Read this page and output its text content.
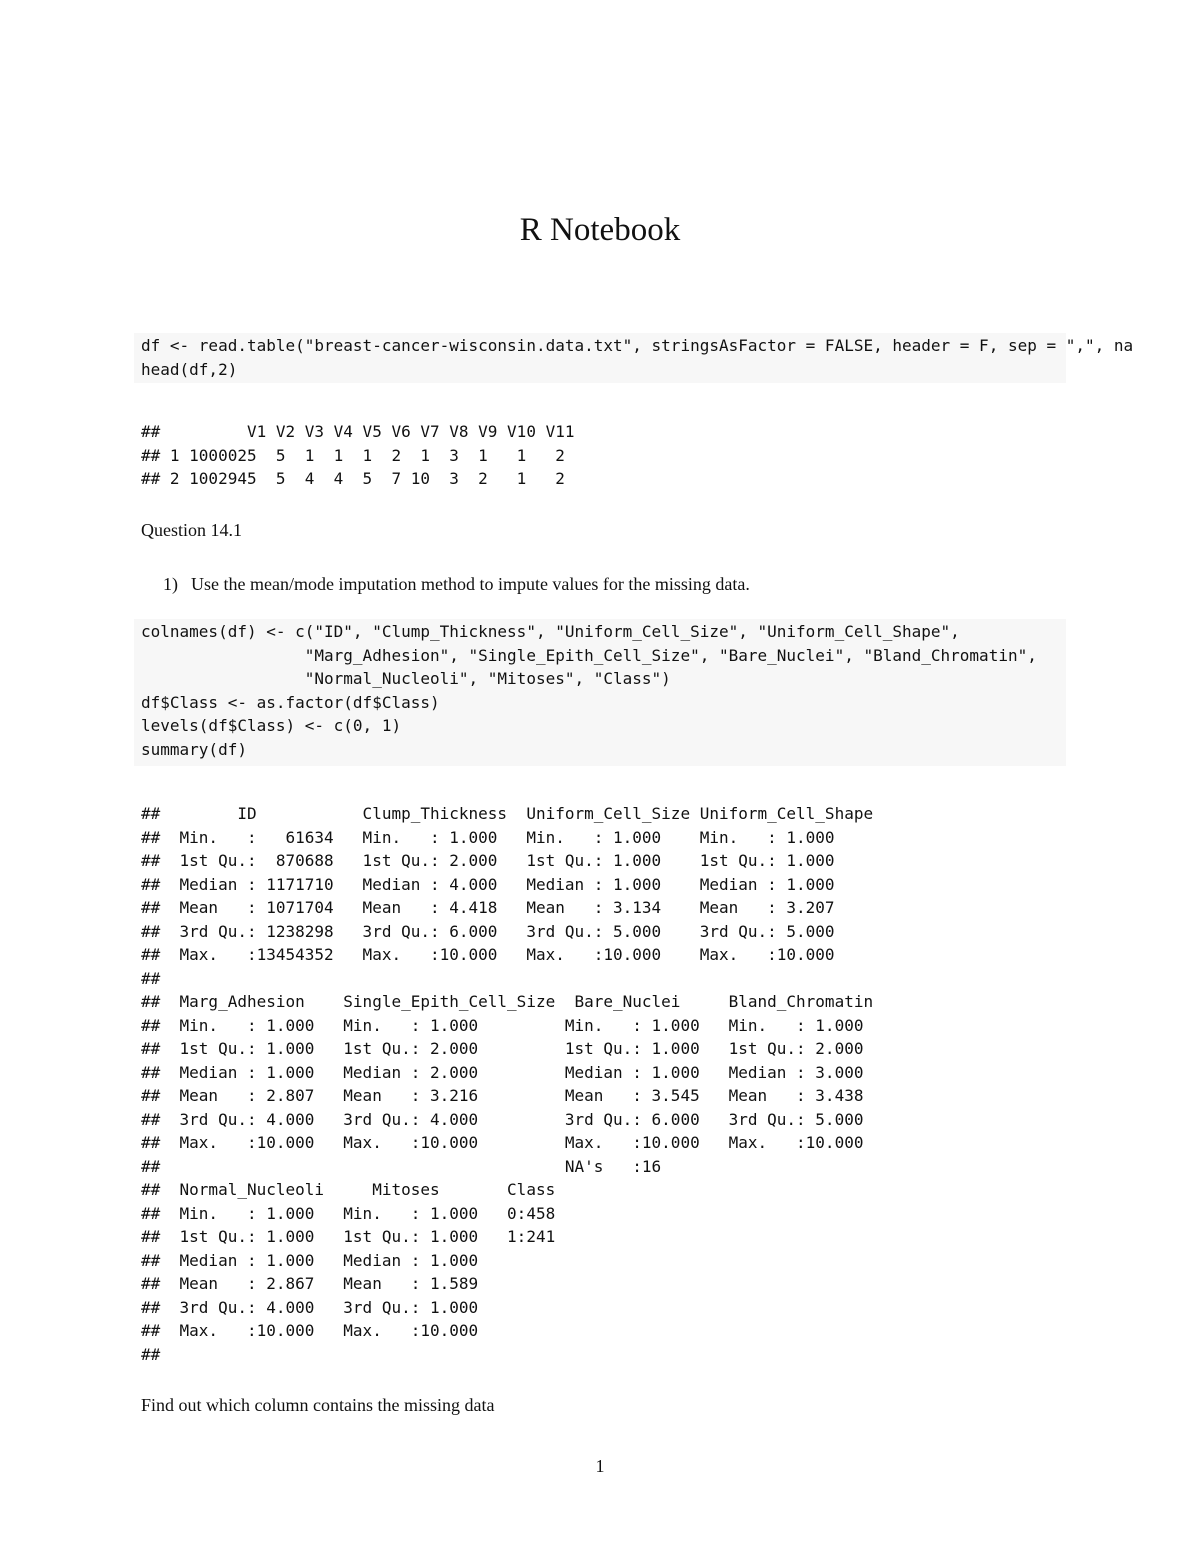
R Notebook
df <- read.table("breast-cancer-wisconsin.data.txt", stringsAsFactor = FALSE, header = F, sep = ",", na
head(df,2)
##         V1 V2 V3 V4 V5 V6 V7 V8 V9 V10 V11
## 1 1000025  5  1  1  1  2  1  3  1   1   2
## 2 1002945  5  4  4  5  7 10  3  2   1   2
Question 14.1
1) Use the mean/mode imputation method to impute values for the missing data.
colnames(df) <- c("ID", "Clump_Thickness", "Uniform_Cell_Size", "Uniform_Cell_Shape",
"Marg_Adhesion", "Single_Epith_Cell_Size", "Bare_Nuclei", "Bland_Chromatin",
"Normal_Nucleoli", "Mitoses", "Class")
df$Class <- as.factor(df$Class)
levels(df$Class) <- c(0, 1)
summary(df)
##        ID           Clump_Thickness  Uniform_Cell_Size Uniform_Cell_Shape
##  Min.   :   61634   Min.   : 1.000   Min.   : 1.000    Min.   : 1.000
##  1st Qu.:  870688   1st Qu.: 2.000   1st Qu.: 1.000    1st Qu.: 1.000
##  Median : 1171710   Median : 4.000   Median : 1.000    Median : 1.000
##  Mean   : 1071704   Mean   : 4.418   Mean   : 3.134    Mean   : 3.207
##  3rd Qu.: 1238298   3rd Qu.: 6.000   3rd Qu.: 5.000    3rd Qu.: 5.000
##  Max.   :13454352   Max.   :10.000   Max.   :10.000    Max.   :10.000
##
##  Marg_Adhesion    Single_Epith_Cell_Size  Bare_Nuclei     Bland_Chromatin
##  Min.   : 1.000   Min.   : 1.000         Min.   : 1.000   Min.   : 1.000
##  1st Qu.: 1.000   1st Qu.: 2.000         1st Qu.: 1.000   1st Qu.: 2.000
##  Median : 1.000   Median : 2.000         Median : 1.000   Median : 3.000
##  Mean   : 2.807   Mean   : 3.216         Mean   : 3.545   Mean   : 3.438
##  3rd Qu.: 4.000   3rd Qu.: 4.000         3rd Qu.: 6.000   3rd Qu.: 5.000
##  Max.   :10.000   Max.   :10.000         Max.   :10.000   Max.   :10.000
##                                          NA's   :16
##  Normal_Nucleoli     Mitoses       Class
##  Min.   : 1.000   Min.   : 1.000   0:458
##  1st Qu.: 1.000   1st Qu.: 1.000   1:241
##  Median : 1.000   Median : 1.000
##  Mean   : 2.867   Mean   : 1.589
##  3rd Qu.: 4.000   3rd Qu.: 1.000
##  Max.   :10.000   Max.   :10.000
##
Find out which column contains the missing data
1
